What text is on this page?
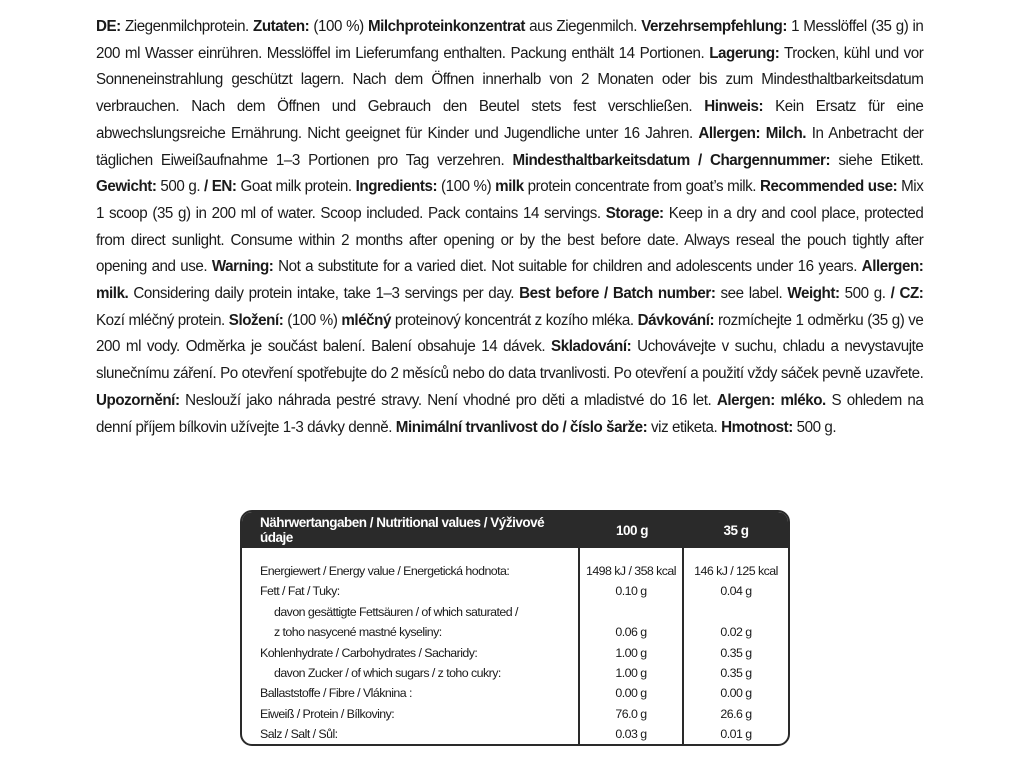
DE: Ziegenmilchprotein. Zutaten: (100 %) Milchproteinkonzentrat aus Ziegenmilch. Verzehrsempfehlung: 1 Messlöffel (35 g) in 200 ml Wasser einrühren. Messlöffel im Lieferumfang enthalten. Packung enthält 14 Portionen. Lagerung: Trocken, kühl und vor Sonneneinstrahlung geschützt lagern. Nach dem Öffnen innerhalb von 2 Monaten oder bis zum Mindesthaltbarkeitsdatum verbrauchen. Nach dem Öffnen und Gebrauch den Beutel stets fest verschließen. Hinweis: Kein Ersatz für eine abwechslungsreiche Ernährung. Nicht geeignet für Kinder und Jugendliche unter 16 Jahren. Allergen: Milch. In Anbetracht der täglichen Eiweißaufnahme 1–3 Portionen pro Tag verzehren. Mindesthaltbarkeitsdatum / Chargennummer: siehe Etikett. Gewicht: 500 g. / EN: Goat milk protein. Ingredients: (100 %) milk protein concentrate from goat’s milk. Recommended use: Mix 1 scoop (35 g) in 200 ml of water. Scoop included. Pack contains 14 servings. Storage: Keep in a dry and cool place, protected from direct sunlight. Consume within 2 months after opening or by the best before date. Always reseal the pouch tightly after opening and use. Warning: Not a substitute for a varied diet. Not suitable for children and adolescents under 16 years. Allergen: milk. Considering daily protein intake, take 1–3 servings per day. Best before / Batch number: see label. Weight: 500 g. / CZ: Kozí mléčný protein. Složení: (100 %) mléčný proteinový koncentrát z kozího mléka. Dávkování: rozmíchejte 1 odměrku (35 g) ve 200 ml vody. Odměrka je součást balení. Balení obsahuje 14 dávek. Skladování: Uchovávejte v suchu, chladu a nevystavujte slunečnímu záření. Po otevření spotřebujte do 2 měsíců nebo do data trvanlivosti. Po otevření a použití vždy sáček pevně uzavřete. Upozornění: Neslouží jako náhrada pestré stravy. Není vhodné pro děti a mladistvé do 16 let. Alergen: mléko. S ohledem na denní příjem bílkovin užívejte 1-3 dávky denně. Minimální trvanlivost do / číslo šarže: viz etiketa. Hmotnost: 500 g.
Nährwertangaben / Nutritional values / Výživové údaje	100 g	35 g
Energiewert / Energy value / Energetická hodnota:
Fett / Fat / Tuky:
davon gesättigte Fettsäuren / of which saturated /
z toho nasycené mastné kyseliny:
Kohlenhydrate / Carbohydrates / Sacharidy:
davon Zucker / of which sugars / z toho cukry:
Ballaststoffe / Fibre / Vláknina :
Eiweiß / Protein / Bílkoviny:
Salz / Salt / Sůl:
1498 kJ / 358 kcal
0.10 g
0.06 g
1.00 g
1.00 g
0.00 g
76.0 g
0.03 g
146 kJ / 125 kcal
0.04 g
0.02 g
0.35 g
0.35 g
0.00 g
26.6 g
0.01 g
